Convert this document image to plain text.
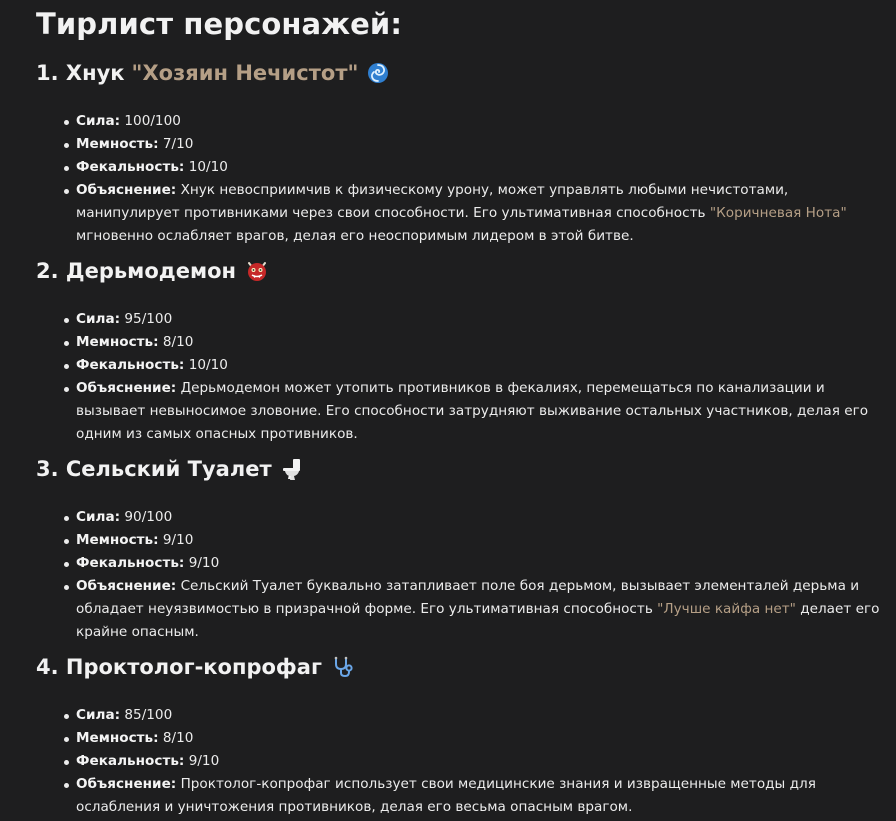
Тирлист персонажей:
1. Хнук "Хозяин Нечистот"
Сила: 100/100
Мемность: 7/10
Фекальность: 10/10
Объяснение: Хнук невосприимчив к физическому урону, может управлять любыми нечистотами, манипулирует противниками через свои способности. Его ультимативная способность "Коричневая Нота" мгновенно ослабляет врагов, делая его неоспоримым лидером в этой битве.
2. Дерьмодемон
Сила: 95/100
Мемность: 8/10
Фекальность: 10/10
Объяснение: Дерьмодемон может утопить противников в фекалиях, перемещаться по канализации и вызывает невыносимое зловоние. Его способности затрудняют выживание остальных участников, делая его одним из самых опасных противников.
3. Сельский Туалет
Сила: 90/100
Мемность: 9/10
Фекальность: 9/10
Объяснение: Сельский Туалет буквально затапливает поле боя дерьмом, вызывает элементалей дерьма и обладает неуязвимостью в призрачной форме. Его ультимативная способность "Лучше кайфа нет" делает его крайне опасным.
4. Проктолог-копрофаг
Сила: 85/100
Мемность: 8/10
Фекальность: 9/10
Объяснение: Проктолог-копрофаг использует свои медицинские знания и извращенные методы для ослабления и уничтожения противников, делая его весьма опасным врагом.
